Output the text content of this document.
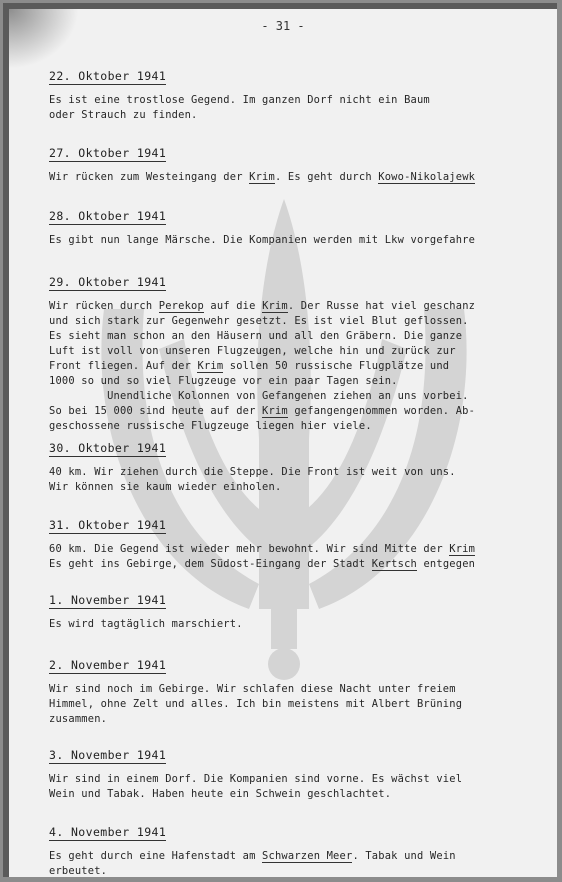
- 31 -
22. Oktober 1941
Es ist eine trostlose Gegend. Im ganzen Dorf nicht ein Baum
oder Strauch zu finden.
27. Oktober 1941
Wir rücken zum Westeingang der Krim. Es geht durch Kowo-Nikolajewk
28. Oktober 1941
Es gibt nun lange Märsche. Die Kompanien werden mit Lkw vorgefahre
29. Oktober 1941
Wir rücken durch Perekop auf die Krim. Der Russe hat viel geschanz
und sich stark zur Gegenwehr gesetzt. Es ist viel Blut geflossen.
Es sieht man schon an den Häusern und all den Gräbern. Die ganze
Luft ist voll von unseren Flugzeugen, welche hin und zurück zur
Front fliegen. Auf der Krim sollen 50 russische Flugplätze und
1000 so und so viel Flugzeuge vor ein paar Tagen sein.
Unendliche Kolonnen von Gefangenen ziehen an uns vorbei.
So bei 15 000 sind heute auf der Krim gefangengenommen worden. Ab-
geschossene russische Flugzeuge liegen hier viele.
30. Oktober 1941
40 km. Wir ziehen durch die Steppe. Die Front ist weit von uns.
Wir können sie kaum wieder einholen.
31. Oktober 1941
60 km. Die Gegend ist wieder mehr bewohnt. Wir sind Mitte der Krim
Es geht ins Gebirge, dem Südost-Eingang der Stadt Kertsch entgegen
1. November 1941
Es wird tagtäglich marschiert.
2. November 1941
Wir sind noch im Gebirge. Wir schlafen diese Nacht unter freiem
Himmel, ohne Zelt und alles. Ich bin meistens mit Albert Brüning
zusammen.
3. November 1941
Wir sind in einem Dorf. Die Kompanien sind vorne. Es wächst viel
Wein und Tabak. Haben heute ein Schwein geschlachtet.
4. November 1941
Es geht durch eine Hafenstadt am Schwarzen Meer. Tabak und Wein
erbeutet.
